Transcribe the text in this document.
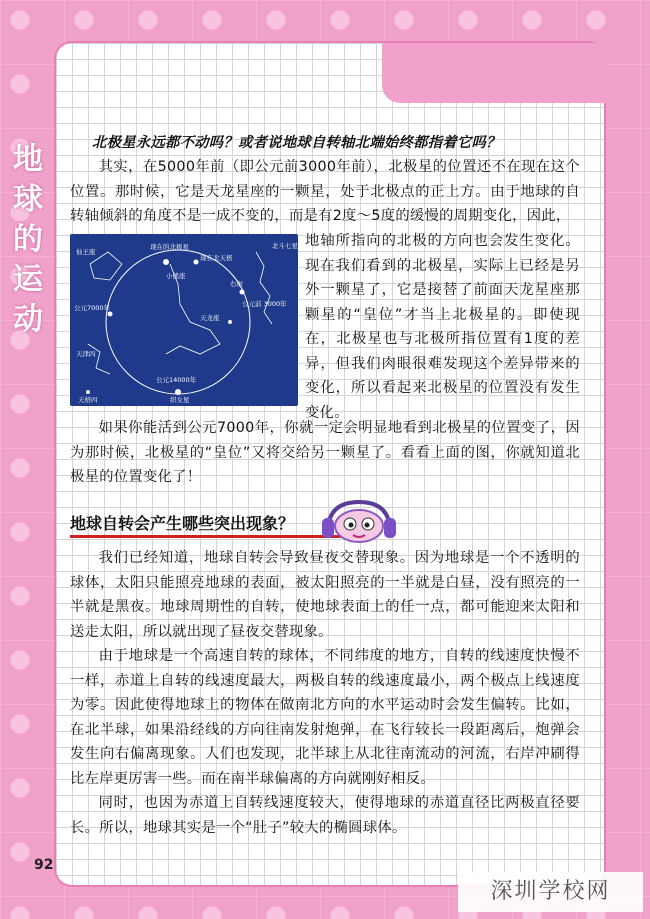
地球的运动
北极星永远都不动吗？或者说地球自转轴北端始终都指着它吗？
其实，在5000年前（即公元前3000年前），北极星的位置还不在现在这个位置。那时候，它是天龙星座的一颗星，处于北极点的正上方。由于地球的自转轴倾斜的角度不是一成不变的，而是有2度～5度的缓慢的周期变化，因此，
仙王座
现在的北极星
现在北天极
小熊座
北斗七星
右枢
公元7000年	公元前 3000年
公元14000年
天龙座
天津四
织女星
天棓四
地轴所指向的北极的方向也会发生变化。现在我们看到的北极星，实际上已经是另外一颗星了，它是接替了前面天龙星座那颗星的“皇位”才当上北极星的。即使现在，北极星也与北极所指位置有1度的差异，但我们肉眼很难发现这个差异带来的变化，所以看起来北极星的位置没有发生变化。
如果你能活到公元7000年，你就一定会明显地看到北极星的位置变了，因为那时候，北极星的“皇位”又将交给另一颗星了。看看上面的图，你就知道北极星的位置变化了！
地球自转会产生哪些突出现象？

我们已经知道，地球自转会导致昼夜交替现象。因为地球是一个不透明的球体，太阳只能照亮地球的表面，被太阳照亮的一半就是白昼，没有照亮的一半就是黑夜。地球周期性的自转，使地球表面上的任一点，都可能迎来太阳和送走太阳，所以就出现了昼夜交替现象。

由于地球是一个高速自转的球体，不同纬度的地方，自转的线速度快慢不一样，赤道上自转的线速度最大，两极自转的线速度最小，两个极点上线速度为零。因此使得地球上的物体在做南北方向的水平运动时会发生偏转。比如，在北半球，如果沿经线的方向往南发射炮弹，在飞行较长一段距离后，炮弹会发生向右偏离现象。人们也发现，北半球上从北往南流动的河流，右岸冲刷得比左岸更厉害一些。而在南半球偏离的方向就刚好相反。

同时，也因为赤道上自转线速度较大，使得地球的赤道直径比两极直径要长。所以，地球其实是一个“肚子”较大的椭圆球体。

92
深圳学校网
